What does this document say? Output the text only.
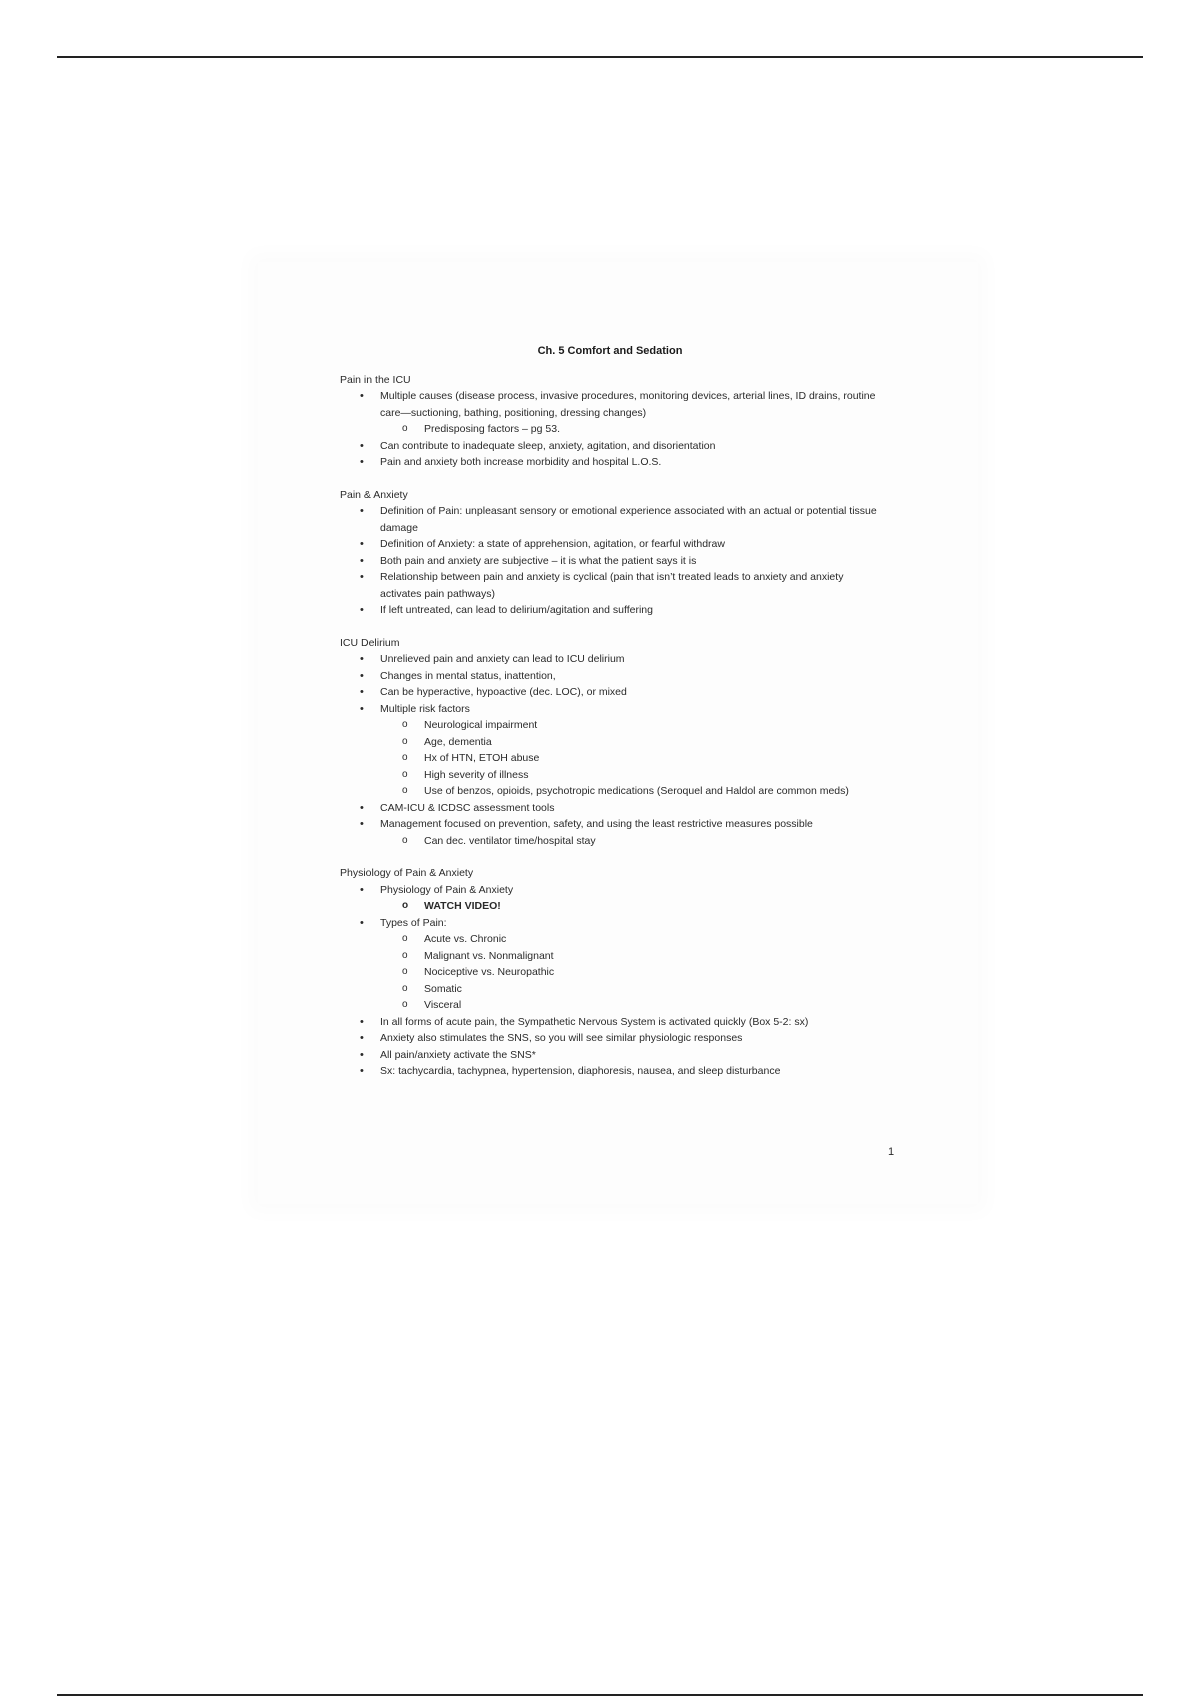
Ch. 5 Comfort and Sedation
Pain in the ICU
• Multiple causes (disease process, invasive procedures, monitoring devices, arterial lines, ID drains, routine care—suctioning, bathing, positioning, dressing changes)
o Predisposing factors – pg 53.
• Can contribute to inadequate sleep, anxiety, agitation, and disorientation
• Pain and anxiety both increase morbidity and hospital L.O.S.
Pain & Anxiety
• Definition of Pain: unpleasant sensory or emotional experience associated with an actual or potential tissue damage
• Definition of Anxiety: a state of apprehension, agitation, or fearful withdraw
• Both pain and anxiety are subjective – it is what the patient says it is
• Relationship between pain and anxiety is cyclical (pain that isn’t treated leads to anxiety and anxiety activates pain pathways)
• If left untreated, can lead to delirium/agitation and suffering
ICU Delirium
• Unrelieved pain and anxiety can lead to ICU delirium
• Changes in mental status, inattention,
• Can be hyperactive, hypoactive (dec. LOC), or mixed
• Multiple risk factors
o Neurological impairment
o Age, dementia
o Hx of HTN, ETOH abuse
o High severity of illness
o Use of benzos, opioids, psychotropic medications (Seroquel and Haldol are common meds)
• CAM-ICU & ICDSC assessment tools
• Management focused on prevention, safety, and using the least restrictive measures possible
o Can dec. ventilator time/hospital stay
Physiology of Pain & Anxiety
• Physiology of Pain & Anxiety
o WATCH VIDEO!
• Types of Pain:
o Acute vs. Chronic
o Malignant vs. Nonmalignant
o Nociceptive vs. Neuropathic
o Somatic
o Visceral
• In all forms of acute pain, the Sympathetic Nervous System is activated quickly (Box 5-2: sx)
• Anxiety also stimulates the SNS, so you will see similar physiologic responses
• All pain/anxiety activate the SNS*
• Sx: tachycardia, tachypnea, hypertension, diaphoresis, nausea, and sleep disturbance
1
